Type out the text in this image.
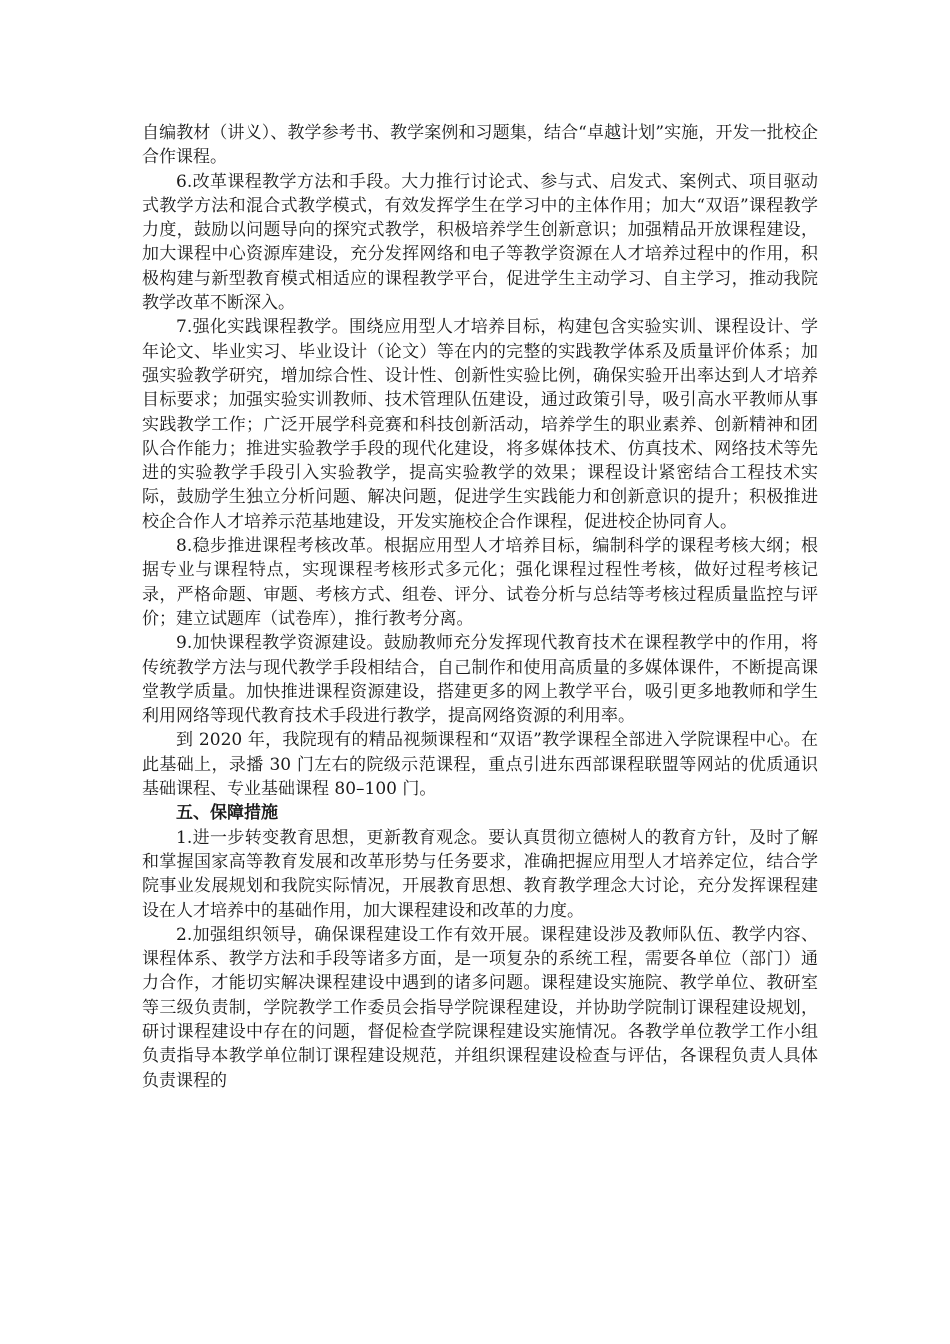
自编教材（讲义）、教学参考书、教学案例和习题集，结合“卓越计划”实施，开发一批校企合作课程。

6.改革课程教学方法和手段。大力推行讨论式、参与式、启发式、案例式、项目驱动式教学方法和混合式教学模式，有效发挥学生在学习中的主体作用；加大“双语”课程教学力度，鼓励以问题导向的探究式教学，积极培养学生创新意识；加强精品开放课程建设，加大课程中心资源库建设，充分发挥网络和电子等教学资源在人才培养过程中的作用，积极构建与新型教育模式相适应的课程教学平台，促进学生主动学习、自主学习，推动我院教学改革不断深入。

7.强化实践课程教学。围绕应用型人才培养目标，构建包含实验实训、课程设计、学年论文、毕业实习、毕业设计（论文）等在内的完整的实践教学体系及质量评价体系；加强实验教学研究，增加综合性、设计性、创新性实验比例，确保实验开出率达到人才培养目标要求；加强实验实训教师、技术管理队伍建设，通过政策引导，吸引高水平教师从事实践教学工作；广泛开展学科竞赛和科技创新活动，培养学生的职业素养、创新精神和团队合作能力；推进实验教学手段的现代化建设，将多媒体技术、仿真技术、网络技术等先进的实验教学手段引入实验教学，提高实验教学的效果；课程设计紧密结合工程技术实际，鼓励学生独立分析问题、解决问题，促进学生实践能力和创新意识的提升；积极推进校企合作人才培养示范基地建设，开发实施校企合作课程，促进校企协同育人。

8.稳步推进课程考核改革。根据应用型人才培养目标，编制科学的课程考核大纲；根据专业与课程特点，实现课程考核形式多元化；强化课程过程性考核，做好过程考核记录，严格命题、审题、考核方式、组卷、评分、试卷分析与总结等考核过程质量监控与评价；建立试题库（试卷库），推行教考分离。

9.加快课程教学资源建设。鼓励教师充分发挥现代教育技术在课程教学中的作用，将传统教学方法与现代教学手段相结合，自己制作和使用高质量的多媒体课件，不断提高课堂教学质量。加快推进课程资源建设，搭建更多的网上教学平台，吸引更多地教师和学生利用网络等现代教育技术手段进行教学，提高网络资源的利用率。

到 2020 年，我院现有的精品视频课程和“双语”教学课程全部进入学院课程中心。在此基础上，录播 30 门左右的院级示范课程，重点引进东西部课程联盟等网站的优质通识基础课程、专业基础课程 80–100 门。

五、保障措施

1.进一步转变教育思想，更新教育观念。要认真贯彻立德树人的教育方针，及时了解和掌握国家高等教育发展和改革形势与任务要求，准确把握应用型人才培养定位，结合学院事业发展规划和我院实际情况，开展教育思想、教育教学理念大讨论，充分发挥课程建设在人才培养中的基础作用，加大课程建设和改革的力度。

2.加强组织领导，确保课程建设工作有效开展。课程建设涉及教师队伍、教学内容、课程体系、教学方法和手段等诸多方面，是一项复杂的系统工程，需要各单位（部门）通力合作，才能切实解决课程建设中遇到的诸多问题。课程建设实施院、教学单位、教研室等三级负责制，学院教学工作委员会指导学院课程建设，并协助学院制订课程建设规划，研讨课程建设中存在的问题，督促检查学院课程建设实施情况。各教学单位教学工作小组负责指导本教学单位制订课程建设规范，并组织课程建设检查与评估，各课程负责人具体负责课程的
